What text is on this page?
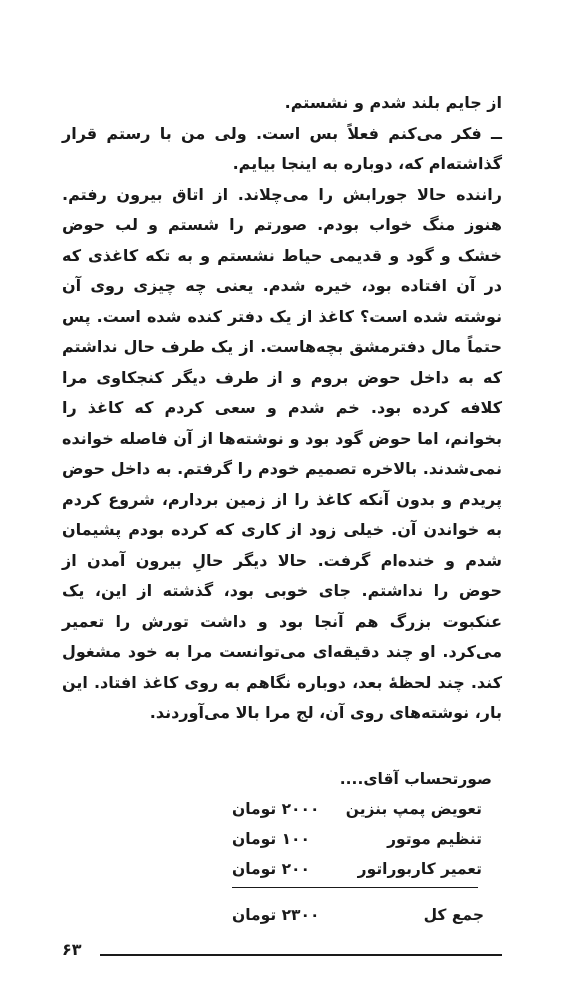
از جایم بلند شدم و نشستم.

ــ فکر می‌کنم فعلاً بس است. ولی من با رستم قرار گذاشته‌ام که، دوباره به اینجا بیایم.

راننده حالا جورابش را می‌چلاند. از اتاق بیرون رفتم. هنوز منگ خواب بودم. صورتم را شستم و لب حوض خشک و گود و قدیمی حیاط نشستم و به تکه کاغذی که در آن افتاده بود، خیره شدم. یعنی چه چیزی روی آن نوشته شده است؟ کاغذ از یک دفتر کنده شده است. پس حتماً مال دفترمشق بچه‌هاست. از یک طرف حال نداشتم که به داخل حوض بروم و از طرف دیگر کنجکاوی مرا کلافه کرده بود. خم شدم و سعی کردم که کاغذ را بخوانم، اما حوض گود بود و نوشته‌ها از آن فاصله خوانده نمی‌شدند. بالاخره تصمیم خودم را گرفتم. به داخل حوض پریدم و بدون آنکه کاغذ را از زمین بردارم، شروع کردم به خواندن آن. خیلی زود از کاری که کرده بودم پشیمان شدم و خنده‌ام گرفت. حالا دیگر حالِ بیرون آمدن از حوض را نداشتم. جای خوبی بود، گذشته از این، یک عنکبوت بزرگ هم آنجا بود و داشت تورش را تعمیر می‌کرد. او چند دقیقه‌ای می‌توانست مرا به خود مشغول کند. چند لحظهٔ بعد، دوباره نگاهم به روی کاغذ افتاد. این بار، نوشته‌های روی آن، لج مرا بالا می‌آوردند.

صورتحساب آقای....
تعویض پمپ بنزین
۲۰۰۰ تومان
تنظیم موتور
۱۰۰ تومان
تعمیر کاربوراتور
۲۰۰ تومان
جمع کل
۲۳۰۰ تومان
۶۳
